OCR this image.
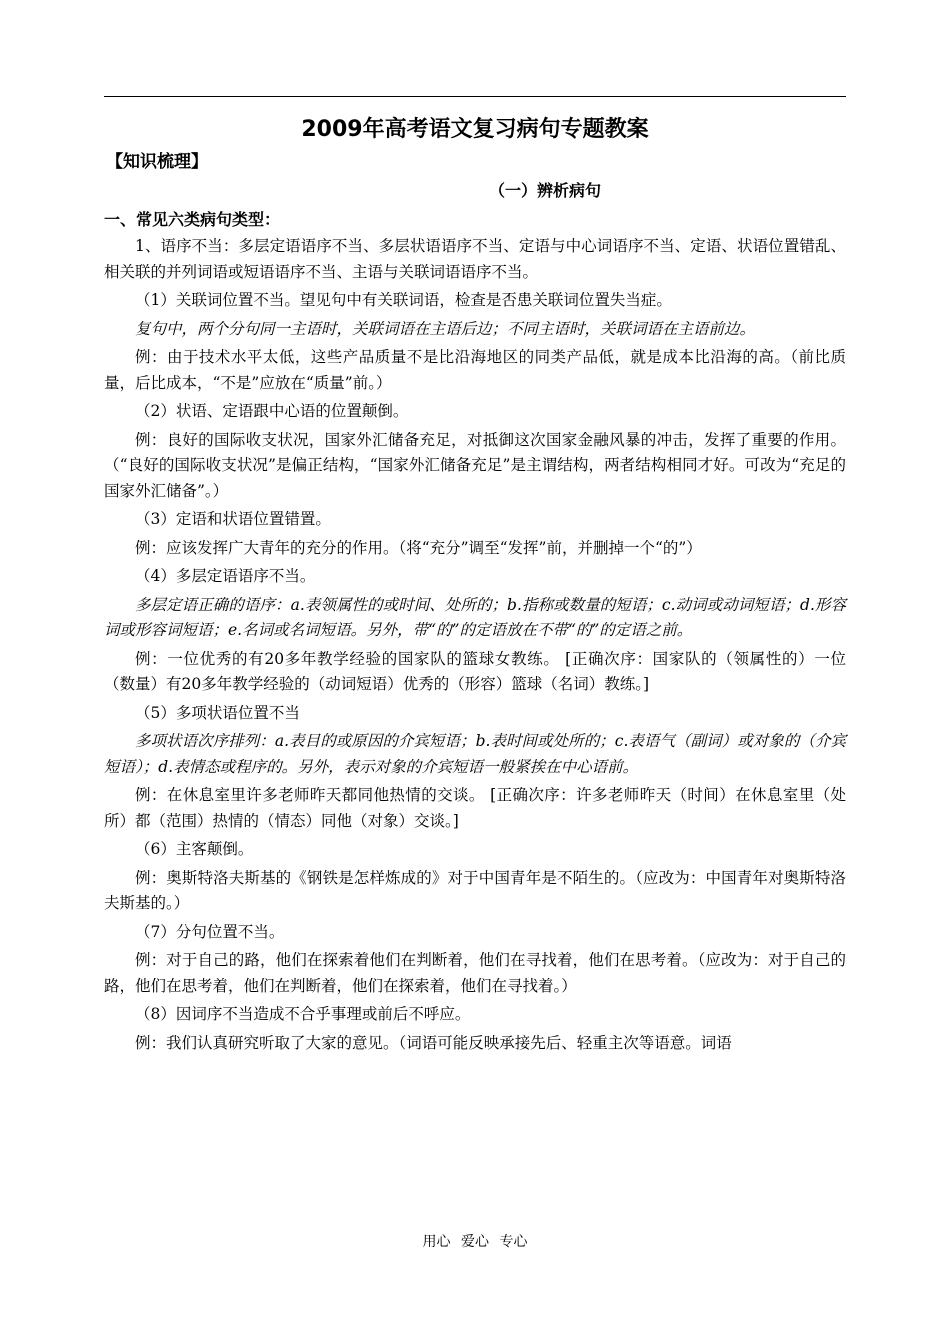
2009年高考语文复习病句专题教案
【知识梳理】
（一）辨析病句
一、常见六类病句类型：

1、语序不当：多层定语语序不当、多层状语语序不当、定语与中心词语序不当、定语、状语位置错乱、相关联的并列词语或短语语序不当、主语与关联词语语序不当。

（1）关联词位置不当。望见句中有关联词语，检查是否患关联词位置失当症。

复句中，两个分句同一主语时，关联词语在主语后边；不同主语时，关联词语在主语前边。

例：由于技术水平太低，这些产品质量不是比沿海地区的同类产品低，就是成本比沿海的高。（前比质量，后比成本，“不是”应放在“质量”前。）

（2）状语、定语跟中心语的位置颠倒。

例：良好的国际收支状况，国家外汇储备充足，对抵御这次国家金融风暴的冲击，发挥了重要的作用。（“良好的国际收支状况”是偏正结构，“国家外汇储备充足”是主谓结构，两者结构相同才好。可改为“充足的国家外汇储备”。）

（3）定语和状语位置错置。

例：应该发挥广大青年的充分的作用。（将“充分”调至“发挥”前，并删掉一个“的”）

（4）多层定语语序不当。

多层定语正确的语序：a.表领属性的或时间、处所的；b.指称或数量的短语；c.动词或动词短语；d.形容词或形容词短语；e.名词或名词短语。另外，带“的”的定语放在不带“的”的定语之前。

例：一位优秀的有20多年教学经验的国家队的篮球女教练。 [正确次序：国家队的（领属性的）一位（数量）有20多年教学经验的（动词短语）优秀的（形容）篮球（名词）教练。]

（5）多项状语位置不当

多项状语次序排列：a.表目的或原因的介宾短语；b.表时间或处所的；c.表语气（副词）或对象的（介宾短语）；d.表情态或程序的。另外，表示对象的介宾短语一般紧挨在中心语前。

例：在休息室里许多老师昨天都同他热情的交谈。 [正确次序：许多老师昨天（时间）在休息室里（处所）都（范围）热情的（情态）同他（对象）交谈。]

（6）主客颠倒。

例：奥斯特洛夫斯基的《钢铁是怎样炼成的》对于中国青年是不陌生的。（应改为：中国青年对奥斯特洛夫斯基的。）

（7）分句位置不当。

例：对于自己的路，他们在探索着他们在判断着，他们在寻找着，他们在思考着。（应改为：对于自己的路，他们在思考着，他们在判断着，他们在探索着，他们在寻找着。）

（8）因词序不当造成不合乎事理或前后不呼应。

例：我们认真研究听取了大家的意见。（词语可能反映承接先后、轻重主次等语意。词语

用心 爱心 专心
